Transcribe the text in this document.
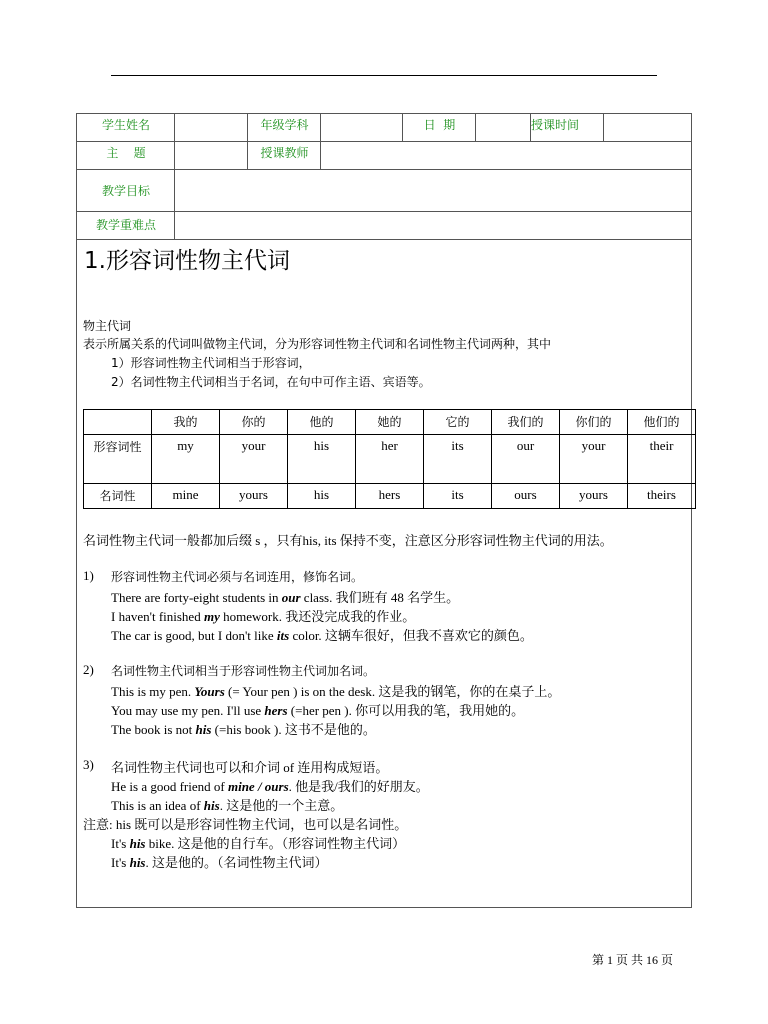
学生姓名	年级学科	日  期	授课时间
主    题	授课教师
教学目标
教学重难点
1.形容词性物主代词
物主代词
表示所属关系的代词叫做物主代词，分为形容词性物主代词和名词性物主代词两种，其中
1）形容词性物主代词相当于形容词，
2）名词性物主代词相当于名词，在句中可作主语、宾语等。
	我的	你的	他的	她的	它的	我们的	你们的	他们的
形容词性	my	your	his	her	its	our	your	their
名词性	mine	yours	his	hers	its	ours	yours	theirs
名词性物主代词一般都加后缀 s ，只有his, its 保持不变，注意区分形容词性物主代词的用法。
1) 形容词性物主代词必须与名词连用，修饰名词。
There are forty-eight students in our class. 我们班有 48 名学生。
I haven't finished my homework. 我还没完成我的作业。
The car is good, but I don't like its color. 这辆车很好，但我不喜欢它的颜色。
2) 名词性物主代词相当于形容词性物主代词加名词。
This is my pen. Yours (= Your pen ) is on the desk. 这是我的钢笔，你的在桌子上。
You may use my pen. I'll use hers (=her pen ). 你可以用我的笔，我用她的。
The book is not his (=his book ). 这书不是他的。
3) 名词性物主代词也可以和介词 of 连用构成短语。
He is a good friend of mine / ours. 他是我/我们的好朋友。
This is an idea of his. 这是他的一个主意。
注意: his 既可以是形容词性物主代词，也可以是名词性。
It's his bike. 这是他的自行车。（形容词性物主代词）
It's his. 这是他的。（名词性物主代词）
第 1 页 共 16 页
